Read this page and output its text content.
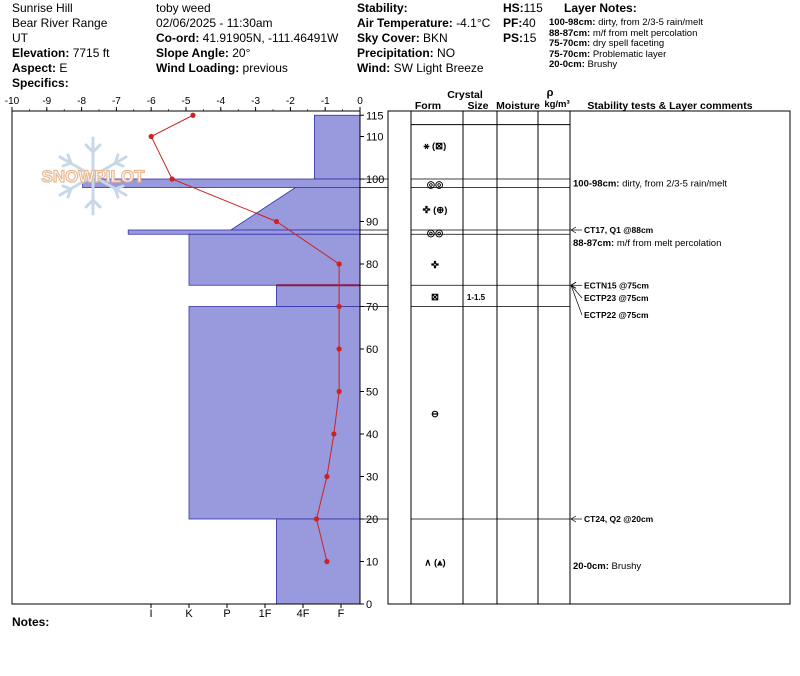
Sunrise Hill
Bear River Range
UT
Elevation: 7715 ft
Aspect: E
Specifics:
toby weed
02/06/2025 - 11:30am
Co-ord: 41.91905N, -111.46491W
Slope Angle: 20°
Wind Loading: previous
Stability:
Air Temperature: -4.1°C
Sky Cover: BKN
Precipitation: NO
Wind: SW Light Breeze
HS:115
PF:40
PS:15
Layer Notes:
100-98cm: dirty, from 2/3-5 rain/melt
88-87cm: m/f from melt percolation
75-70cm: dry spell faceting
75-70cm: Problematic layer
20-0cm: Brushy
Notes:
-10 -9	-8	-7	-6	-5	-4	-3	-2	-1	0
I	K	P	1F 4F	F
0
10
20
30
40
50
60
70
80
90
100
110
115
Crystal
Form	Size Moisture
ρ
kg/m³ Stability tests & Layer comments
⚹ (⊠)
◎◎
✜ (⊕)
◎◎
✜
⊠	1-1.5
⊖
∧ (⩓)
100-98cm: dirty, from 2/3-5 rain/melt
CT17, Q1 @88cm
88-87cm: m/f from melt percolation
ECTN15 @75cm
ECTP23 @75cm
ECTP22 @75cm
CT24, Q2 @20cm
20-0cm: Brushy
SNOWPILOT
